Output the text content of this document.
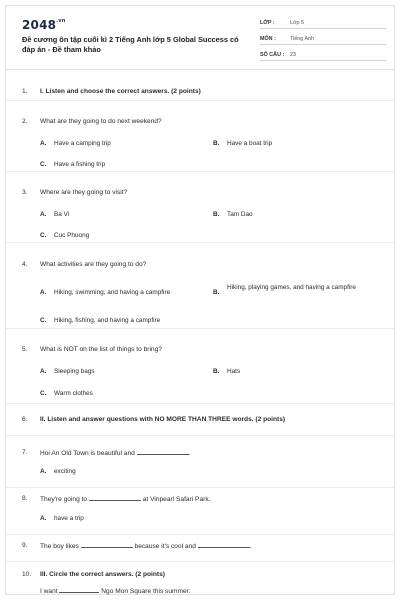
$2048^{.vn}$
Đề cương ôn tập cuối kì 2 Tiếng Anh lớp 5 Global Success có đáp án - Đề tham khảo
LỚP :	Lớp 5
MÔN :	Tiếng Anh
SỐ CÂU : 23
1. I. Listen and choose the correct answers. (2 points)
2. What are they going to do next weekend?
A. Have a camping trip	B. Have a boat trip
C. Have a fishing trip
3. Where are they going to visit?
A. Ba Vi	B. Tam Dao
C. Cuc Phuong
4. What activities are they going to do?
A. Hiking, swimming, and having a campfire	B.
Hiking, playing games, and having a campfire
C. Hiking, fishing, and having a campfire
5. What is NOT on the list of things to bring?
A. Sleeping bags	B. Hats
C. Warm clothes
6. II. Listen and answer questions with NO MORE THAN THREE words. (2 points)
7. Hoi An Old Town is beautiful and	.
A. exciting
8. They're going to	at Vinpearl Safari Park.
A. have a trip
9. The boy likes	because it's cool and	.
10. III. Circle the correct answers. (2 points)
I want	Ngo Mon Square this summer.
